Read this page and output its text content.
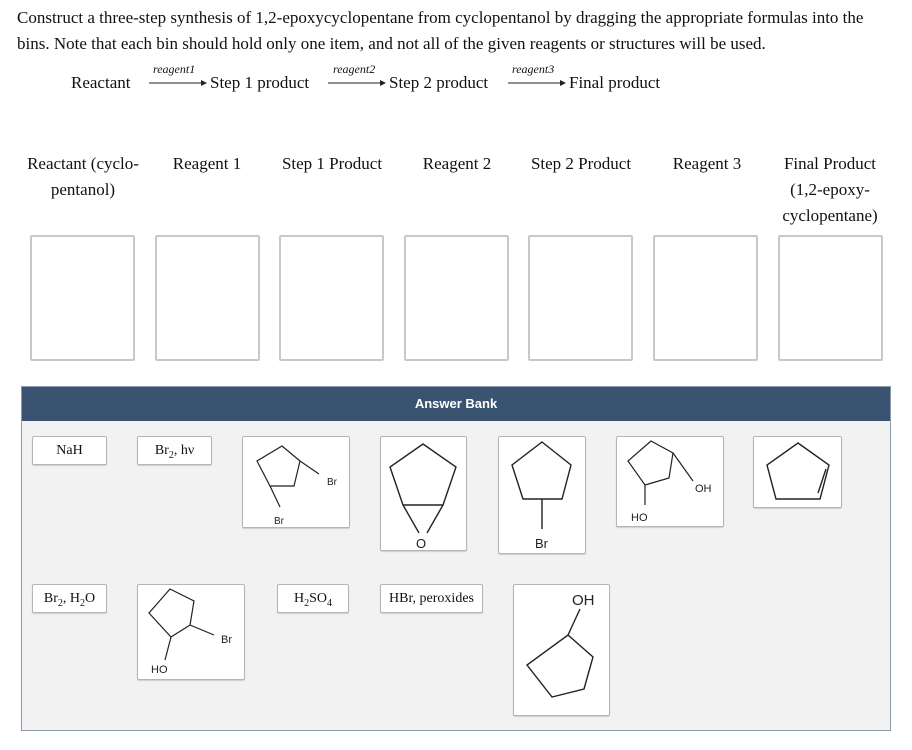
Construct a three-step synthesis of 1,2-epoxycyclopentane from cyclopentanol by dragging the appropriate formulas into the bins. Note that each bin should hold only one item, and not all of the given reagents or structures will be used.
Reactant
reagent1
Step 1 product
reagent2
Step 2 product
reagent3
Final product
Reactant (cyclo-
pentanol)
Reagent 1	Step 1 Product	Reagent 2	Step 2 Product	Reagent 3	Final Product
(1,2-epoxy-
cyclopentane)
Answer Bank
NaH	$Br_2$, hν
Br
Br
O	Br
OH
HO
$Br_2$, $H_2O$
Br
HO
$H_2SO_4$	HBr, peroxides	OH
